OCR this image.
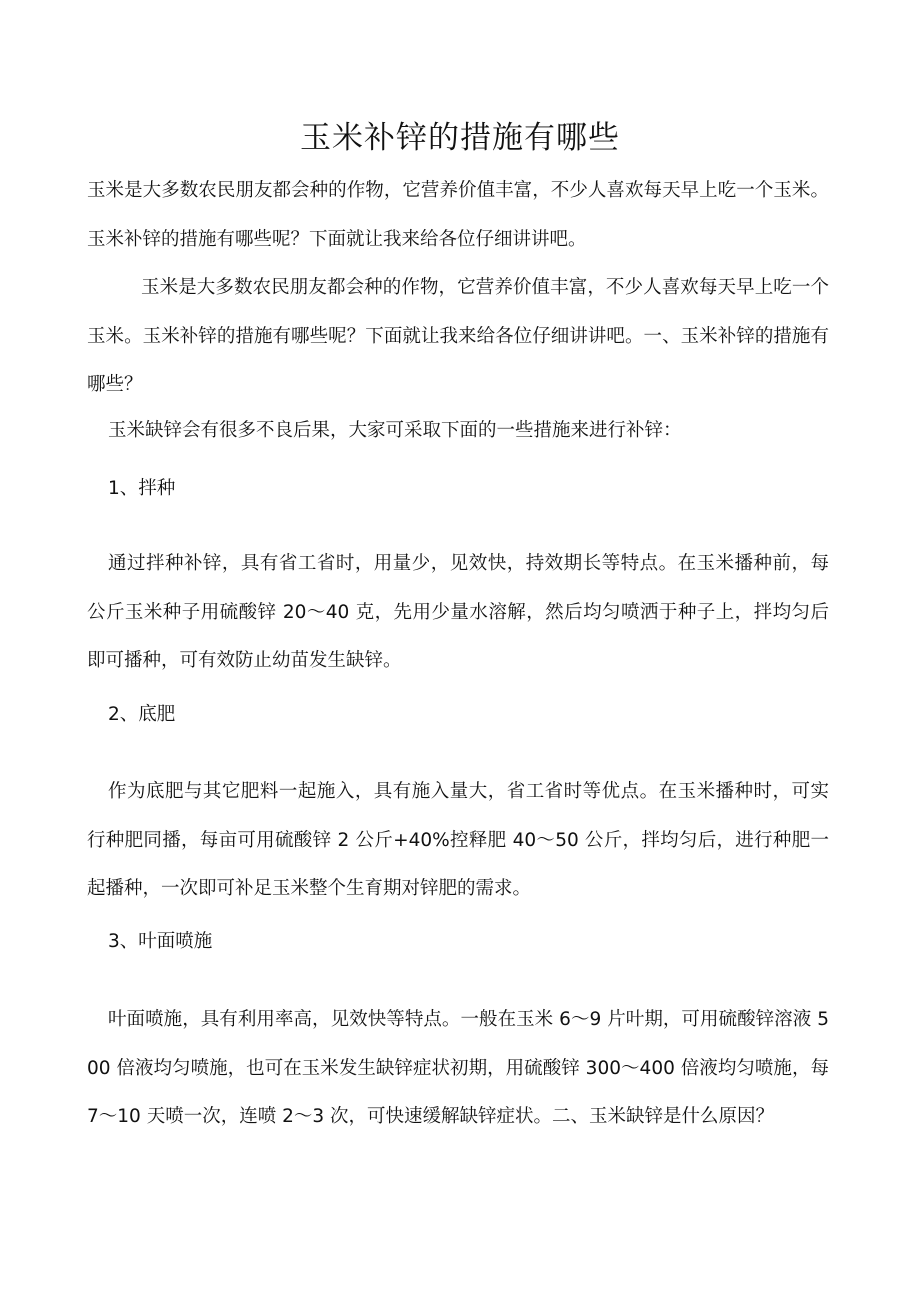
玉米补锌的措施有哪些
玉米是大多数农民朋友都会种的作物，它营养价值丰富，不少人喜欢每天早上吃一个玉米。玉米补锌的措施有哪些呢？下面就让我来给各位仔细讲讲吧。
玉米是大多数农民朋友都会种的作物，它营养价值丰富，不少人喜欢每天早上吃一个玉米。玉米补锌的措施有哪些呢？下面就让我来给各位仔细讲讲吧。一、玉米补锌的措施有哪些？
玉米缺锌会有很多不良后果，大家可采取下面的一些措施来进行补锌：
1、拌种
通过拌种补锌，具有省工省时，用量少，见效快，持效期长等特点。在玉米播种前，每公斤玉米种子用硫酸锌 20～40 克，先用少量水溶解，然后均匀喷洒于种子上，拌均匀后即可播种，可有效防止幼苗发生缺锌。
2、底肥
作为底肥与其它肥料一起施入，具有施入量大，省工省时等优点。在玉米播种时，可实行种肥同播，每亩可用硫酸锌 2 公斤+40%控释肥 40～50 公斤，拌均匀后，进行种肥一起播种，一次即可补足玉米整个生育期对锌肥的需求。
3、叶面喷施
叶面喷施，具有利用率高，见效快等特点。一般在玉米 6～9 片叶期，可用硫酸锌溶液 500 倍液均匀喷施，也可在玉米发生缺锌症状初期，用硫酸锌 300～400 倍液均匀喷施，每 7～10 天喷一次，连喷 2～3 次，可快速缓解缺锌症状。二、玉米缺锌是什么原因？
